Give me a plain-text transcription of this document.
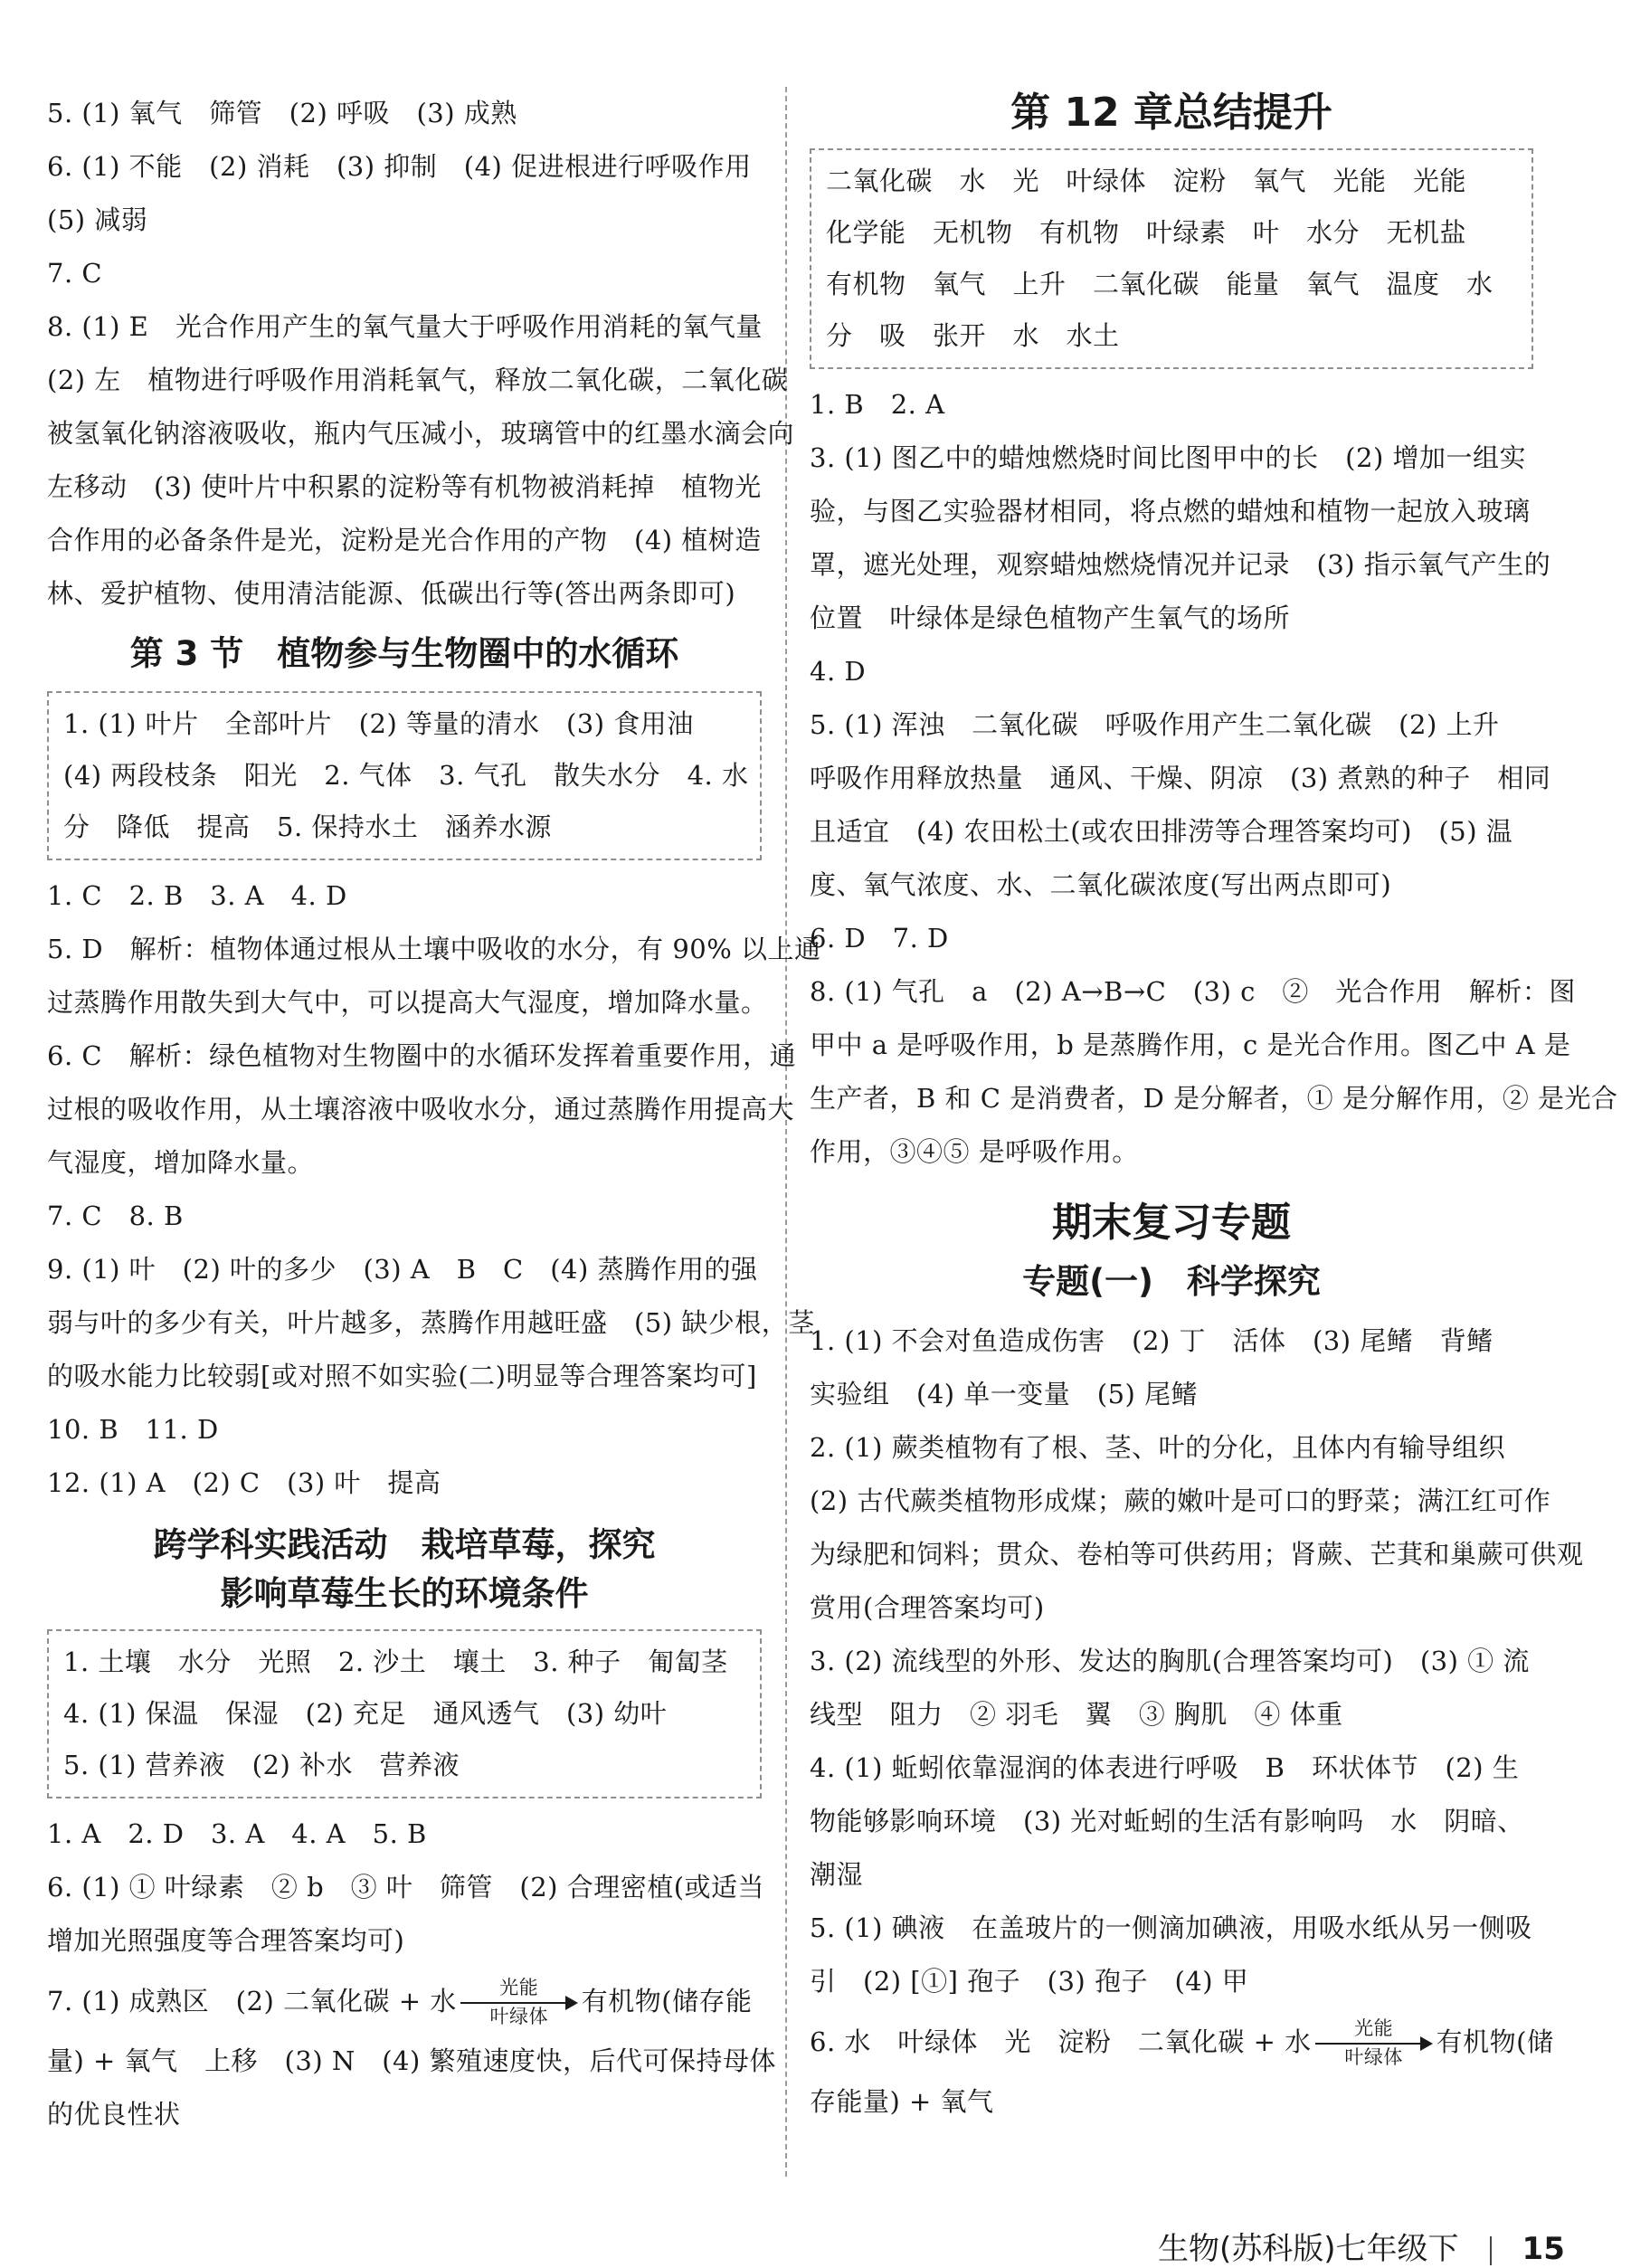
5. (1) 氧气　筛管　(2) 呼吸　(3) 成熟
6. (1) 不能　(2) 消耗　(3) 抑制　(4) 促进根进行呼吸作用
(5) 减弱
7. C
8. (1) E　光合作用产生的氧气量大于呼吸作用消耗的氧气量
(2) 左　植物进行呼吸作用消耗氧气，释放二氧化碳，二氧化碳
被氢氧化钠溶液吸收，瓶内气压减小，玻璃管中的红墨水滴会向
左移动　(3) 使叶片中积累的淀粉等有机物被消耗掉　植物光
合作用的必备条件是光，淀粉是光合作用的产物　(4) 植树造
林、爱护植物、使用清洁能源、低碳出行等(答出两条即可)
第 3 节　植物参与生物圈中的水循环
1. (1) 叶片　全部叶片　(2) 等量的清水　(3) 食用油
(4) 两段枝条　阳光　2. 气体　3. 气孔　散失水分　4. 水
分　降低　提高　5. 保持水土　涵养水源
1. C　2. B　3. A　4. D
5. D　解析：植物体通过根从土壤中吸收的水分，有 90% 以上通
过蒸腾作用散失到大气中，可以提高大气湿度，增加降水量。
6. C　解析：绿色植物对生物圈中的水循环发挥着重要作用，通
过根的吸收作用，从土壤溶液中吸收水分，通过蒸腾作用提高大
气湿度，增加降水量。
7. C　8. B
9. (1) 叶　(2) 叶的多少　(3) A　B　C　(4) 蒸腾作用的强
弱与叶的多少有关，叶片越多，蒸腾作用越旺盛　(5) 缺少根，茎
的吸水能力比较弱[或对照不如实验(二)明显等合理答案均可]
10. B　11. D
12. (1) A　(2) C　(3) 叶　提高
跨学科实践活动　栽培草莓，探究
影响草莓生长的环境条件
1. 土壤　水分　光照　2. 沙土　壤土　3. 种子　匍匐茎
4. (1) 保温　保湿　(2) 充足　通风透气　(3) 幼叶
5. (1) 营养液　(2) 补水　营养液
1. A　2. D　3. A　4. A　5. B
6. (1) ① 叶绿素　② b　③ 叶　筛管　(2) 合理密植(或适当
增加光照强度等合理答案均可)
7. (1) 成熟区　(2) 二氧化碳 + 水	光能
叶绿体	有机物(储存能
量) + 氧气　上移　(3) N　(4) 繁殖速度快，后代可保持母体
的优良性状
第 12 章总结提升
二氧化碳　水　光　叶绿体　淀粉　氧气　光能　光能
化学能　无机物　有机物　叶绿素　叶　水分　无机盐
有机物　氧气　上升　二氧化碳　能量　氧气　温度　水
分　吸　张开　水　水土
1. B　2. A
3. (1) 图乙中的蜡烛燃烧时间比图甲中的长　(2) 增加一组实
验，与图乙实验器材相同，将点燃的蜡烛和植物一起放入玻璃
罩，遮光处理，观察蜡烛燃烧情况并记录　(3) 指示氧气产生的
位置　叶绿体是绿色植物产生氧气的场所
4. D
5. (1) 浑浊　二氧化碳　呼吸作用产生二氧化碳　(2) 上升
呼吸作用释放热量　通风、干燥、阴凉　(3) 煮熟的种子　相同
且适宜　(4) 农田松土(或农田排涝等合理答案均可)　(5) 温
度、氧气浓度、水、二氧化碳浓度(写出两点即可)
6. D　7. D
8. (1) 气孔　a　(2) A→B→C　(3) c　②　光合作用　解析：图
甲中 a 是呼吸作用，b 是蒸腾作用，c 是光合作用。图乙中 A 是
生产者，B 和 C 是消费者，D 是分解者，① 是分解作用，② 是光合
作用，③④⑤ 是呼吸作用。
期末复习专题
专题(一)　科学探究
1. (1) 不会对鱼造成伤害　(2) 丁　活体　(3) 尾鳍　背鳍
实验组　(4) 单一变量　(5) 尾鳍
2. (1) 蕨类植物有了根、茎、叶的分化，且体内有输导组织
(2) 古代蕨类植物形成煤；蕨的嫩叶是可口的野菜；满江红可作
为绿肥和饲料；贯众、卷柏等可供药用；肾蕨、芒萁和巢蕨可供观
赏用(合理答案均可)
3. (2) 流线型的外形、发达的胸肌(合理答案均可)　(3) ① 流
线型　阻力　② 羽毛　翼　③ 胸肌　④ 体重
4. (1) 蚯蚓依靠湿润的体表进行呼吸　B　环状体节　(2) 生
物能够影响环境　(3) 光对蚯蚓的生活有影响吗　水　阴暗、
潮湿
5. (1) 碘液　在盖玻片的一侧滴加碘液，用吸水纸从另一侧吸
引　(2) [①] 孢子　(3) 孢子　(4) 甲
6. 水　叶绿体　光　淀粉　二氧化碳 + 水	光能
叶绿体	有机物(储
存能量) + 氧气
生物(苏科版)七年级下 15
